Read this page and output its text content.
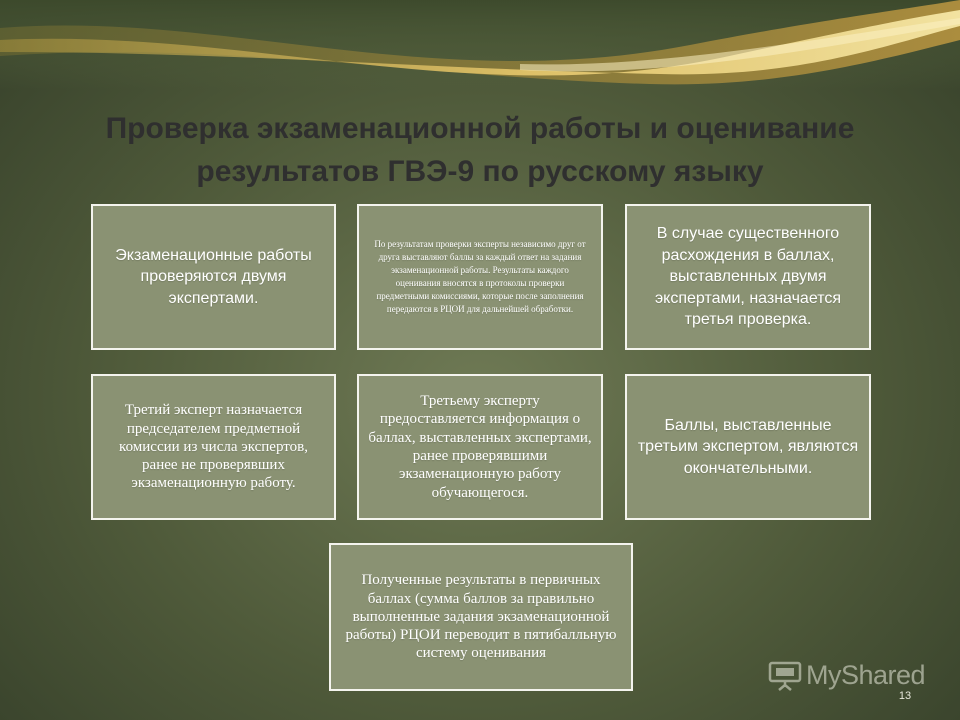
Проверка экзаменационной работы и оценивание
результатов ГВЭ-9 по русскому языку
Экзаменационные работы проверяются двумя экспертами.
По результатам проверки эксперты независимо друг от друга выставляют баллы за каждый ответ на задания экзаменационной работы. Результаты каждого оценивания вносятся в протоколы проверки предметными комиссиями, которые после заполнения передаются в РЦОИ для дальнейшей обработки.
В случае существенного расхождения в баллах, выставленных двумя экспертами, назначается третья проверка.
Третий эксперт назначается председателем предметной комиссии из числа экспертов, ранее не проверявших экзаменационную работу.
Третьему эксперту предоставляется информация о баллах, выставленных экспертами, ранее проверявшими экзаменационную работу обучающегося.
Баллы, выставленные третьим экспертом, являются окончательными.
Полученные результаты в первичных баллах (сумма баллов за правильно выполненные задания экзаменационной работы) РЦОИ переводит в пятибалльную систему оценивания
MyShared
13
